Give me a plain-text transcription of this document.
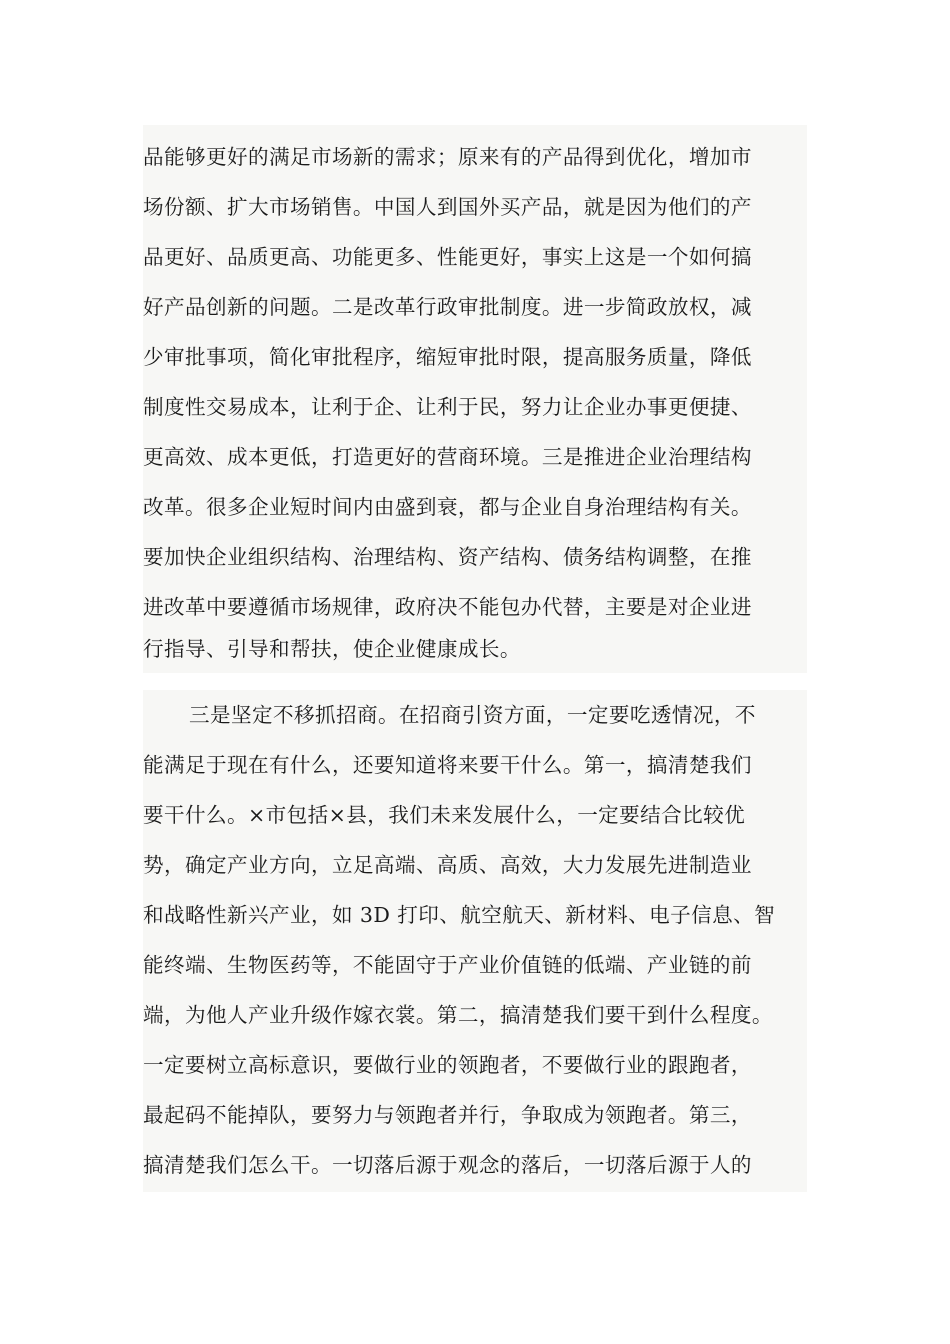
品能够更好的满足市场新的需求；原来有的产品得到优化，增加市
场份额、扩大市场销售。中国人到国外买产品，就是因为他们的产
品更好、品质更高、功能更多、性能更好，事实上这是一个如何搞
好产品创新的问题。二是改革行政审批制度。进一步简政放权，减
少审批事项，简化审批程序，缩短审批时限，提高服务质量，降低
制度性交易成本，让利于企、让利于民，努力让企业办事更便捷、
更高效、成本更低，打造更好的营商环境。三是推进企业治理结构
改革。很多企业短时间内由盛到衰，都与企业自身治理结构有关。
要加快企业组织结构、治理结构、资产结构、债务结构调整，在推
进改革中要遵循市场规律，政府决不能包办代替，主要是对企业进
行指导、引导和帮扶，使企业健康成长。
三是坚定不移抓招商。在招商引资方面，一定要吃透情况，不
能满足于现在有什么，还要知道将来要干什么。第一，搞清楚我们
要干什么。×市包括×县，我们未来发展什么，一定要结合比较优
势，确定产业方向，立足高端、高质、高效，大力发展先进制造业
和战略性新兴产业，如 3D 打印、航空航天、新材料、电子信息、智
能终端、生物医药等，不能固守于产业价值链的低端、产业链的前
端，为他人产业升级作嫁衣裳。第二，搞清楚我们要干到什么程度。
一定要树立高标意识，要做行业的领跑者，不要做行业的跟跑者，
最起码不能掉队，要努力与领跑者并行，争取成为领跑者。第三，
搞清楚我们怎么干。一切落后源于观念的落后，一切落后源于人的
